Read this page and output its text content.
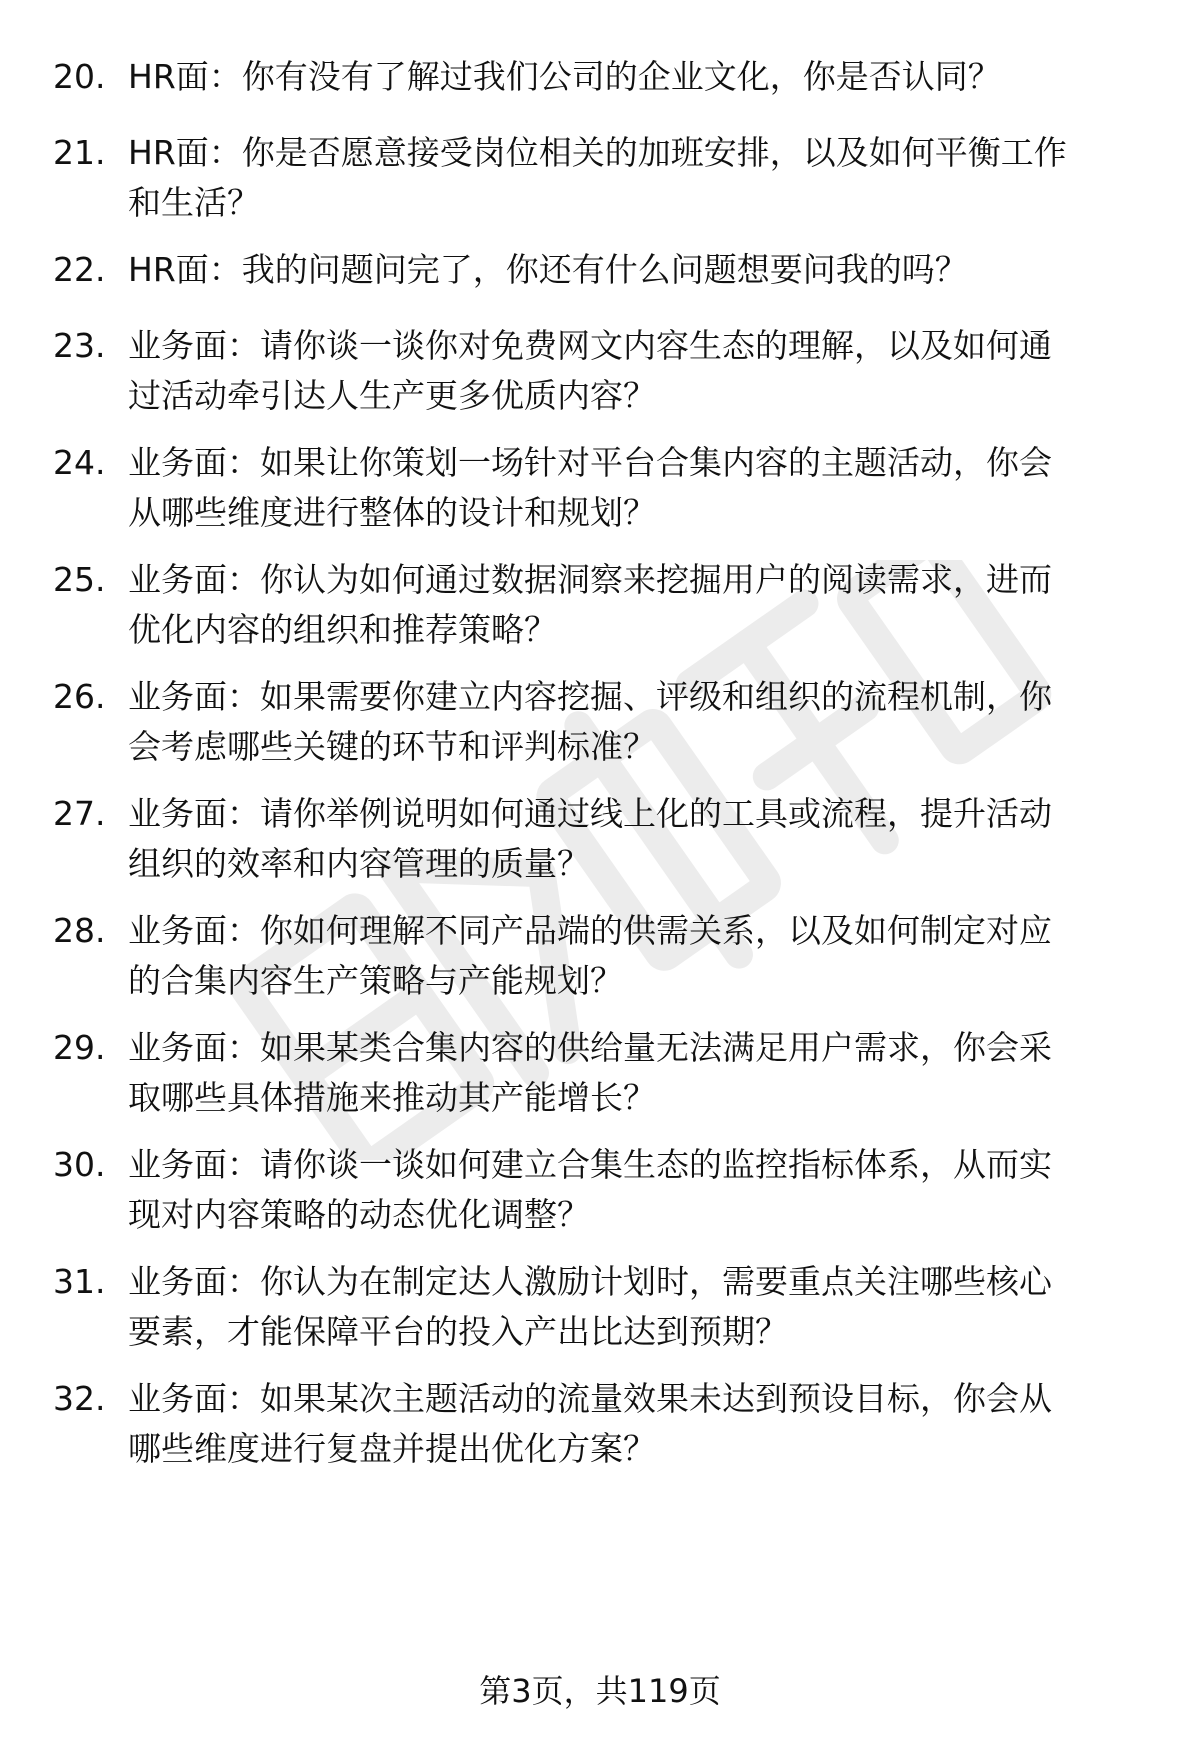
20. HR面：你有没有了解过我们公司的企业文化，你是否认同？
21. HR面：你是否愿意接受岗位相关的加班安排，以及如何平衡工作
和生活？
22. HR面：我的问题问完了，你还有什么问题想要问我的吗？
23. 业务面：请你谈一谈你对免费网文内容生态的理解，以及如何通
过活动牵引达人生产更多优质内容？
24. 业务面：如果让你策划一场针对平台合集内容的主题活动，你会
从哪些维度进行整体的设计和规划？
25. 业务面：你认为如何通过数据洞察来挖掘用户的阅读需求，进而
优化内容的组织和推荐策略？
26. 业务面：如果需要你建立内容挖掘、评级和组织的流程机制，你
会考虑哪些关键的环节和评判标准？
27. 业务面：请你举例说明如何通过线上化的工具或流程，提升活动
组织的效率和内容管理的质量？
28. 业务面：你如何理解不同产品端的供需关系，以及如何制定对应
的合集内容生产策略与产能规划？
29. 业务面：如果某类合集内容的供给量无法满足用户需求，你会采
取哪些具体措施来推动其产能增长？
30. 业务面：请你谈一谈如何建立合集生态的监控指标体系，从而实
现对内容策略的动态优化调整？
31. 业务面：你认为在制定达人激励计划时，需要重点关注哪些核心
要素，才能保障平台的投入产出比达到预期？
32. 业务面：如果某次主题活动的流量效果未达到预设目标，你会从
哪些维度进行复盘并提出优化方案？
第3页，共119页
